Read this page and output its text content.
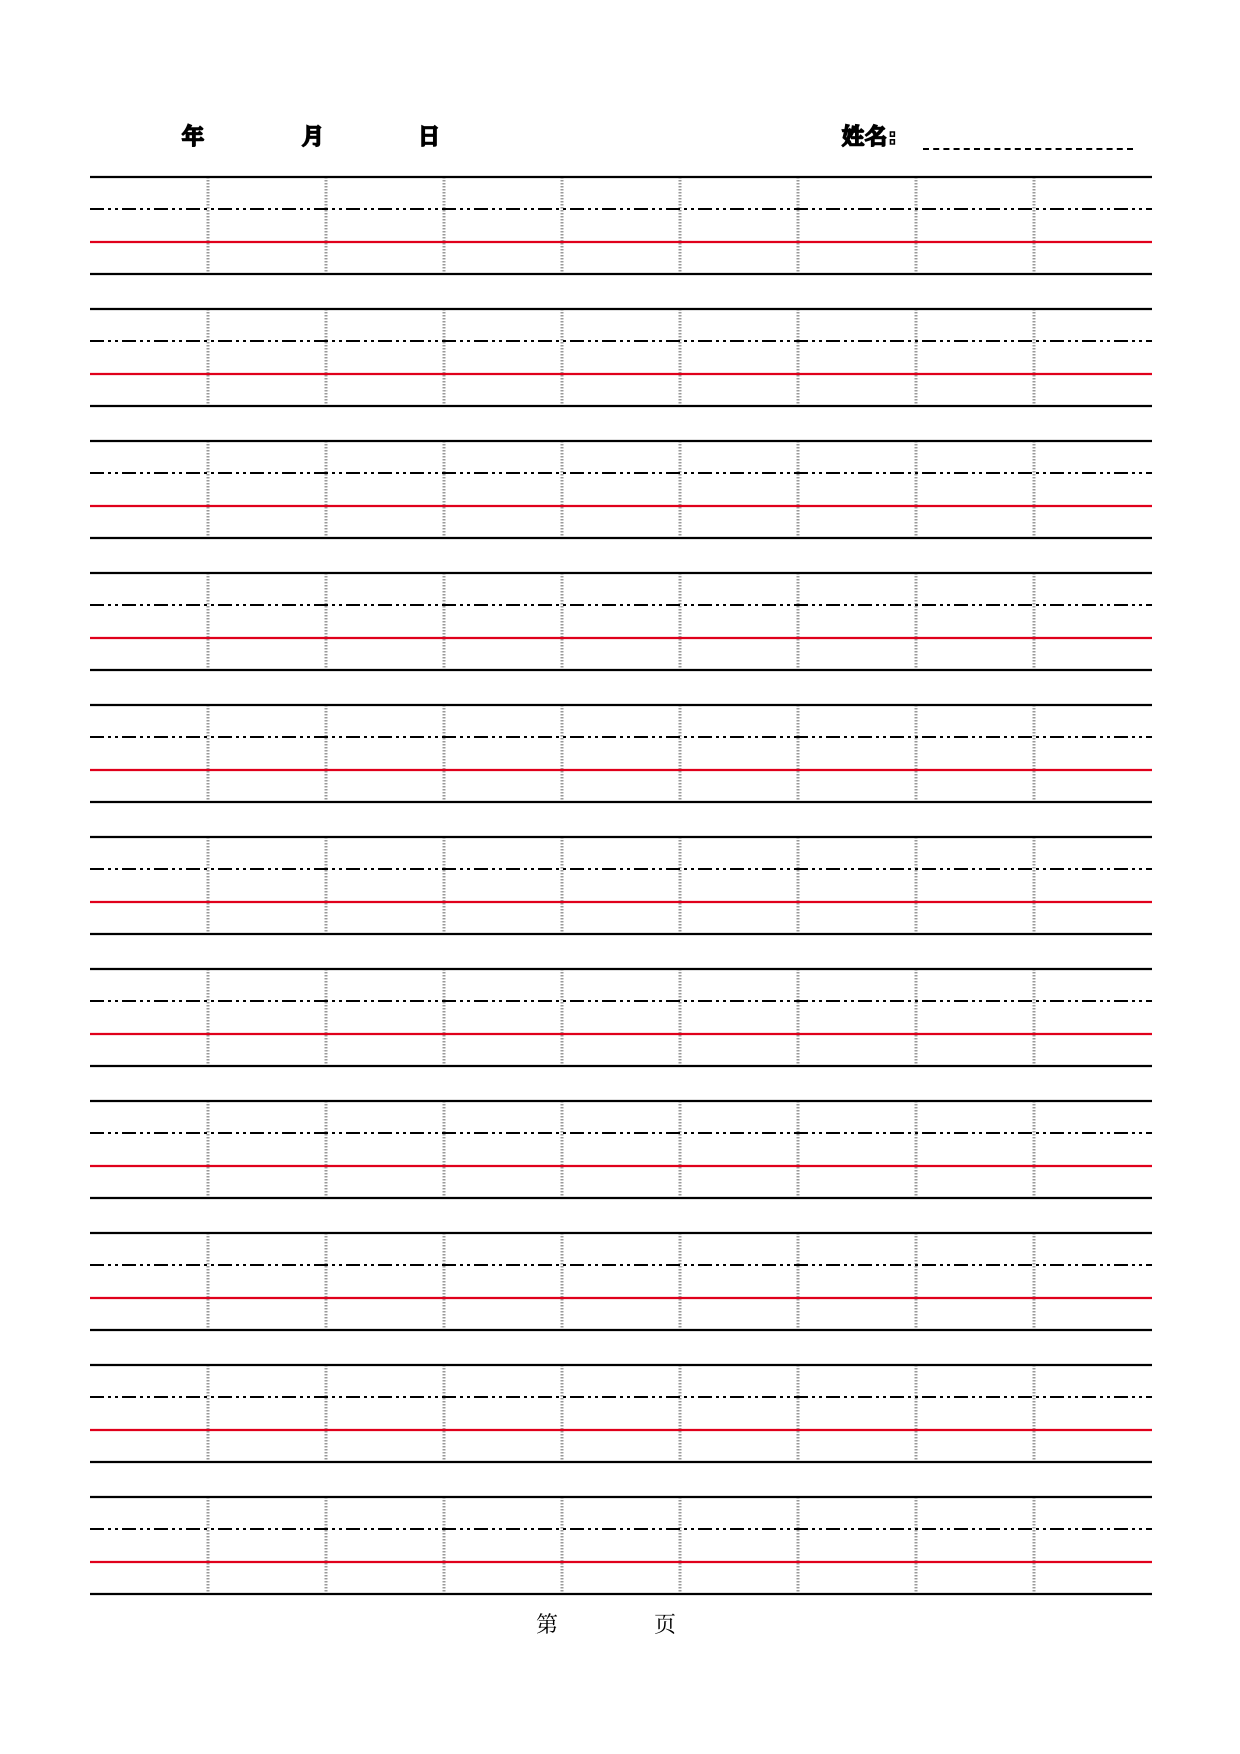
年	月	日	姓名:
第	页
